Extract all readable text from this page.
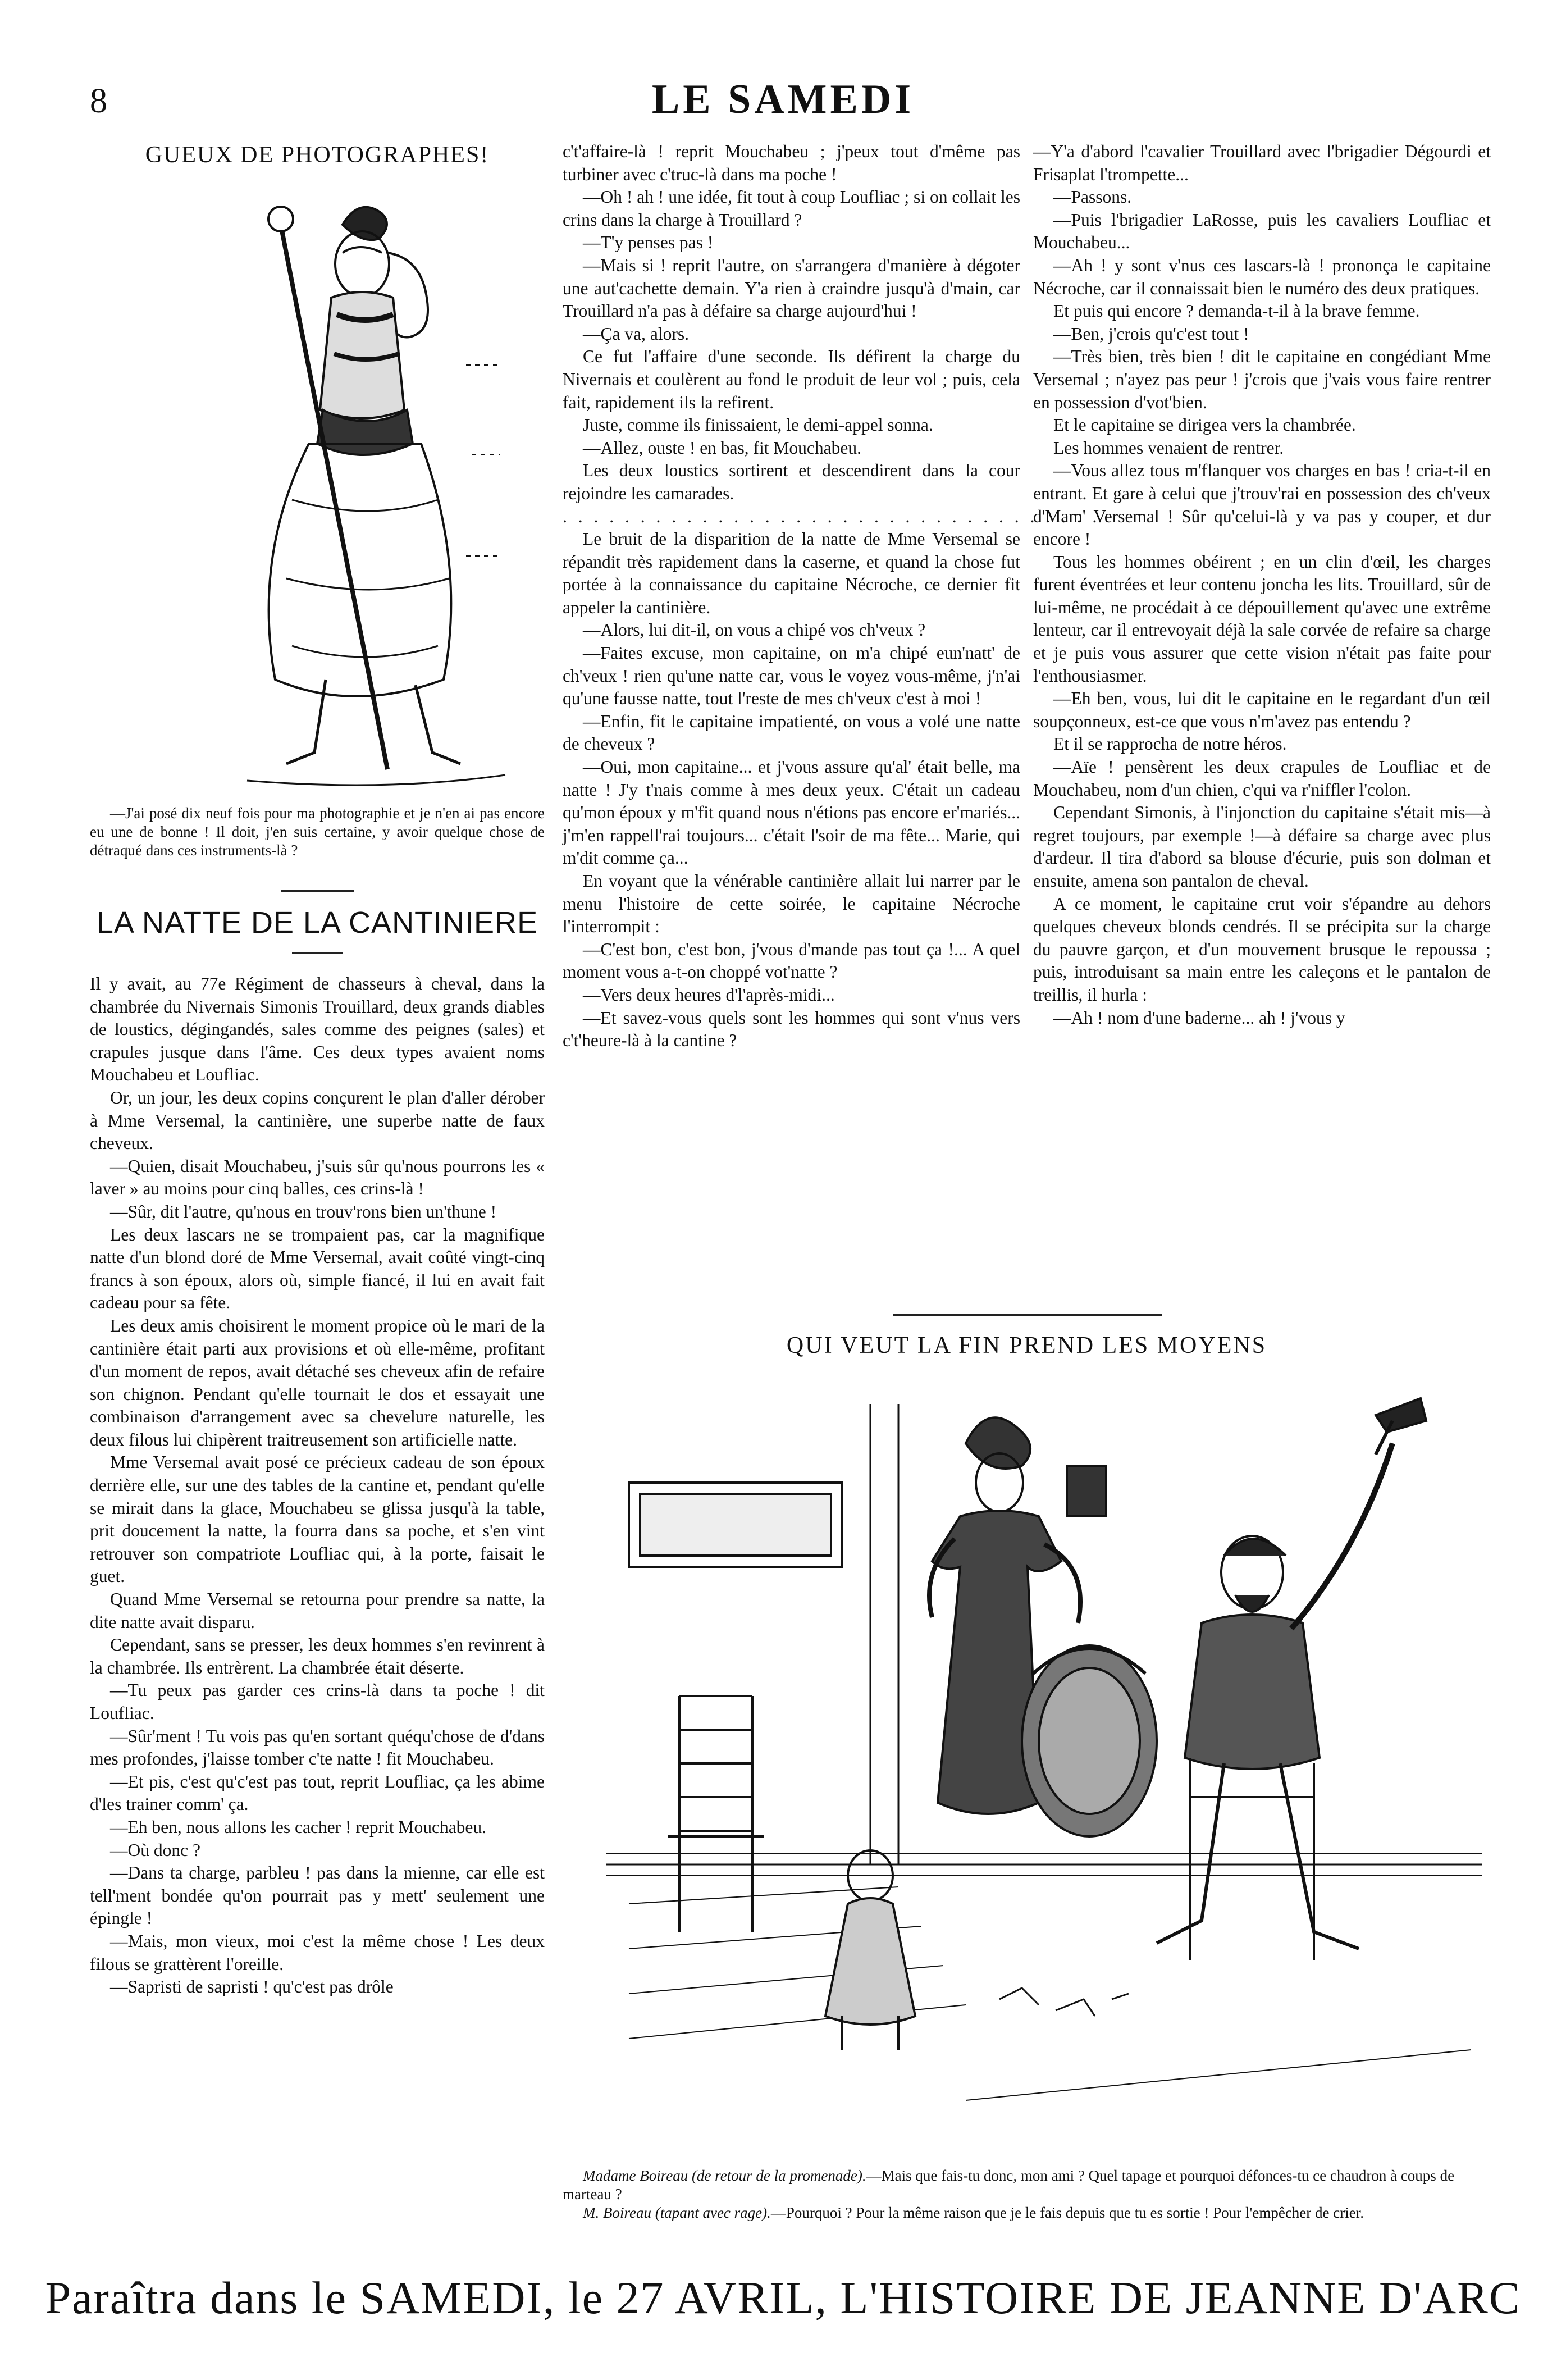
8	LE SAMEDI
GUEUX DE PHOTOGRAPHES!

—J'ai posé dix neuf fois pour ma photographie et je n'en ai pas encore eu une de bonne ! Il doit, j'en suis certaine, y avoir quelque chose de détraqué dans ces instruments-là ?

LA NATTE DE LA CANTINIERE

Il y avait, au 77e Régiment de chasseurs à cheval, dans la chambrée du Nivernais Simonis Trouillard, deux grands diables de loustics, dégingandés, sales comme des peignes (sales) et crapules jusque dans l'âme. Ces deux types avaient noms Mouchabeu et Loufliac.

Or, un jour, les deux copins conçurent le plan d'aller dérober à Mme Versemal, la cantinière, une superbe natte de faux cheveux.

—Quien, disait Mouchabeu, j'suis sûr qu'nous pourrons les « laver » au moins pour cinq balles, ces crins-là !

—Sûr, dit l'autre, qu'nous en trouv'rons bien un'thune !

Les deux lascars ne se trompaient pas, car la magnifique natte d'un blond doré de Mme Versemal, avait coûté vingt-cinq francs à son époux, alors où, simple fiancé, il lui en avait fait cadeau pour sa fête.

Les deux amis choisirent le moment propice où le mari de la cantinière était parti aux provisions et où elle-même, profitant d'un moment de repos, avait détaché ses cheveux afin de refaire son chignon. Pendant qu'elle tournait le dos et essayait une combinaison d'arrangement avec sa chevelure naturelle, les deux filous lui chipèrent traitreusement son artificielle natte.

Mme Versemal avait posé ce précieux cadeau de son époux derrière elle, sur une des tables de la cantine et, pendant qu'elle se mirait dans la glace, Mouchabeu se glissa jusqu'à la table, prit doucement la natte, la fourra dans sa poche, et s'en vint retrouver son compatriote Loufliac qui, à la porte, faisait le guet.

Quand Mme Versemal se retourna pour prendre sa natte, la dite natte avait disparu.

Cependant, sans se presser, les deux hommes s'en revinrent à la chambrée. Ils entrèrent. La chambrée était déserte.

—Tu peux pas garder ces crins-là dans ta poche ! dit Loufliac.

—Sûr'ment ! Tu vois pas qu'en sortant quéqu'chose de d'dans mes profondes, j'laisse tomber c'te natte ! fit Mouchabeu.

—Et pis, c'est qu'c'est pas tout, reprit Loufliac, ça les abime d'les trainer comm' ça.

—Eh ben, nous allons les cacher ! reprit Mouchabeu.

—Où donc ?

—Dans ta charge, parbleu ! pas dans la mienne, car elle est tell'ment bondée qu'on pourrait pas y mett' seulement une épingle !

—Mais, mon vieux, moi c'est la même chose ! Les deux filous se grattèrent l'oreille.

—Sapristi de sapristi ! qu'c'est pas drôle

c't'affaire-là ! reprit Mouchabeu ; j'peux tout d'même pas turbiner avec c'truc-là dans ma poche !

—Oh ! ah ! une idée, fit tout à coup Loufliac ; si on collait les crins dans la charge à Trouillard ?

—T'y penses pas !

—Mais si ! reprit l'autre, on s'arrangera d'manière à dégoter une aut'cachette demain. Y'a rien à craindre jusqu'à d'main, car Trouillard n'a pas à défaire sa charge aujourd'hui !

—Ça va, alors.

Ce fut l'affaire d'une seconde. Ils défirent la charge du Nivernais et coulèrent au fond le produit de leur vol ; puis, cela fait, rapidement ils la refirent.

Juste, comme ils finissaient, le demi-appel sonna.

—Allez, ouste ! en bas, fit Mouchabeu.

Les deux loustics sortirent et descendirent dans la cour rejoindre les camarades.

. . . . . . . . . . . . . . . . . . . . . . . . . . . . . . . . . . .

Le bruit de la disparition de la natte de Mme Versemal se répandit très rapidement dans la caserne, et quand la chose fut portée à la connaissance du capitaine Nécroche, ce dernier fit appeler la cantinière.

—Alors, lui dit-il, on vous a chipé vos ch'veux ?

—Faites excuse, mon capitaine, on m'a chipé eun'natt' de ch'veux ! rien qu'une natte car, vous le voyez vous-même, j'n'ai qu'une fausse natte, tout l'reste de mes ch'veux c'est à moi !

—Enfin, fit le capitaine impatienté, on vous a volé une natte de cheveux ?

—Oui, mon capitaine... et j'vous assure qu'al' était belle, ma natte ! J'y t'nais comme à mes deux yeux. C'était un cadeau qu'mon époux y m'fit quand nous n'étions pas encore er'mariés... j'm'en rappell'rai toujours... c'était l'soir de ma fête... Marie, qui m'dit comme ça...

En voyant que la vénérable cantinière allait lui narrer par le menu l'histoire de cette soirée, le capitaine Nécroche l'interrompit :

—C'est bon, c'est bon, j'vous d'mande pas tout ça !... A quel moment vous a-t-on choppé vot'natte ?

—Vers deux heures d'l'après-midi...

—Et savez-vous quels sont les hommes qui sont v'nus vers c't'heure-là à la cantine ?

—Y'a d'abord l'cavalier Trouillard avec l'brigadier Dégourdi et Frisaplat l'trompette...

—Passons.

—Puis l'brigadier LaRosse, puis les cavaliers Loufliac et Mouchabeu...

—Ah ! y sont v'nus ces lascars-là ! prononça le capitaine Nécroche, car il connaissait bien le numéro des deux pratiques.

Et puis qui encore ? demanda-t-il à la brave femme.

—Ben, j'crois qu'c'est tout !

—Très bien, très bien ! dit le capitaine en congédiant Mme Versemal ; n'ayez pas peur ! j'crois que j'vais vous faire rentrer en possession d'vot'bien.

Et le capitaine se dirigea vers la chambrée.

Les hommes venaient de rentrer.

—Vous allez tous m'flanquer vos charges en bas ! cria-t-il en entrant. Et gare à celui que j'trouv'rai en possession des ch'veux d'Mam' Versemal ! Sûr qu'celui-là y va pas y couper, et dur encore !

Tous les hommes obéirent ; en un clin d'œil, les charges furent éventrées et leur contenu joncha les lits. Trouillard, sûr de lui-même, ne procédait à ce dépouillement qu'avec une extrême lenteur, car il entrevoyait déjà la sale corvée de refaire sa charge et je puis vous assurer que cette vision n'était pas faite pour l'enthousiasmer.

—Eh ben, vous, lui dit le capitaine en le regardant d'un œil soupçonneux, est-ce que vous n'm'avez pas entendu ?

Et il se rapprocha de notre héros.

—Aïe ! pensèrent les deux crapules de Loufliac et de Mouchabeu, nom d'un chien, c'qui va r'niffler l'colon.

Cependant Simonis, à l'injonction du capitaine s'était mis—à regret toujours, par exemple !—à défaire sa charge avec plus d'ardeur. Il tira d'abord sa blouse d'écurie, puis son dolman et ensuite, amena son pantalon de cheval.

A ce moment, le capitaine crut voir s'épandre au dehors quelques cheveux blonds cendrés. Il se précipita sur la charge du pauvre garçon, et d'un mouvement brusque le repoussa ; puis, introduisant sa main entre les caleçons et le pantalon de treillis, il hurla :

—Ah ! nom d'une baderne... ah ! j'vous y

QUI VEUT LA FIN PREND LES MOYENS

Madame Boireau (de retour de la promenade).—Mais que fais-tu donc, mon ami ? Quel tapage et pourquoi défonces-tu ce chaudron à coups de marteau ?

M. Boireau (tapant avec rage).—Pourquoi ? Pour la même raison que je le fais depuis que tu es sortie ! Pour l'empêcher de crier.

Paraîtra dans le SAMEDI, le 27 AVRIL, L'HISTOIRE DE JEANNE D'ARC
